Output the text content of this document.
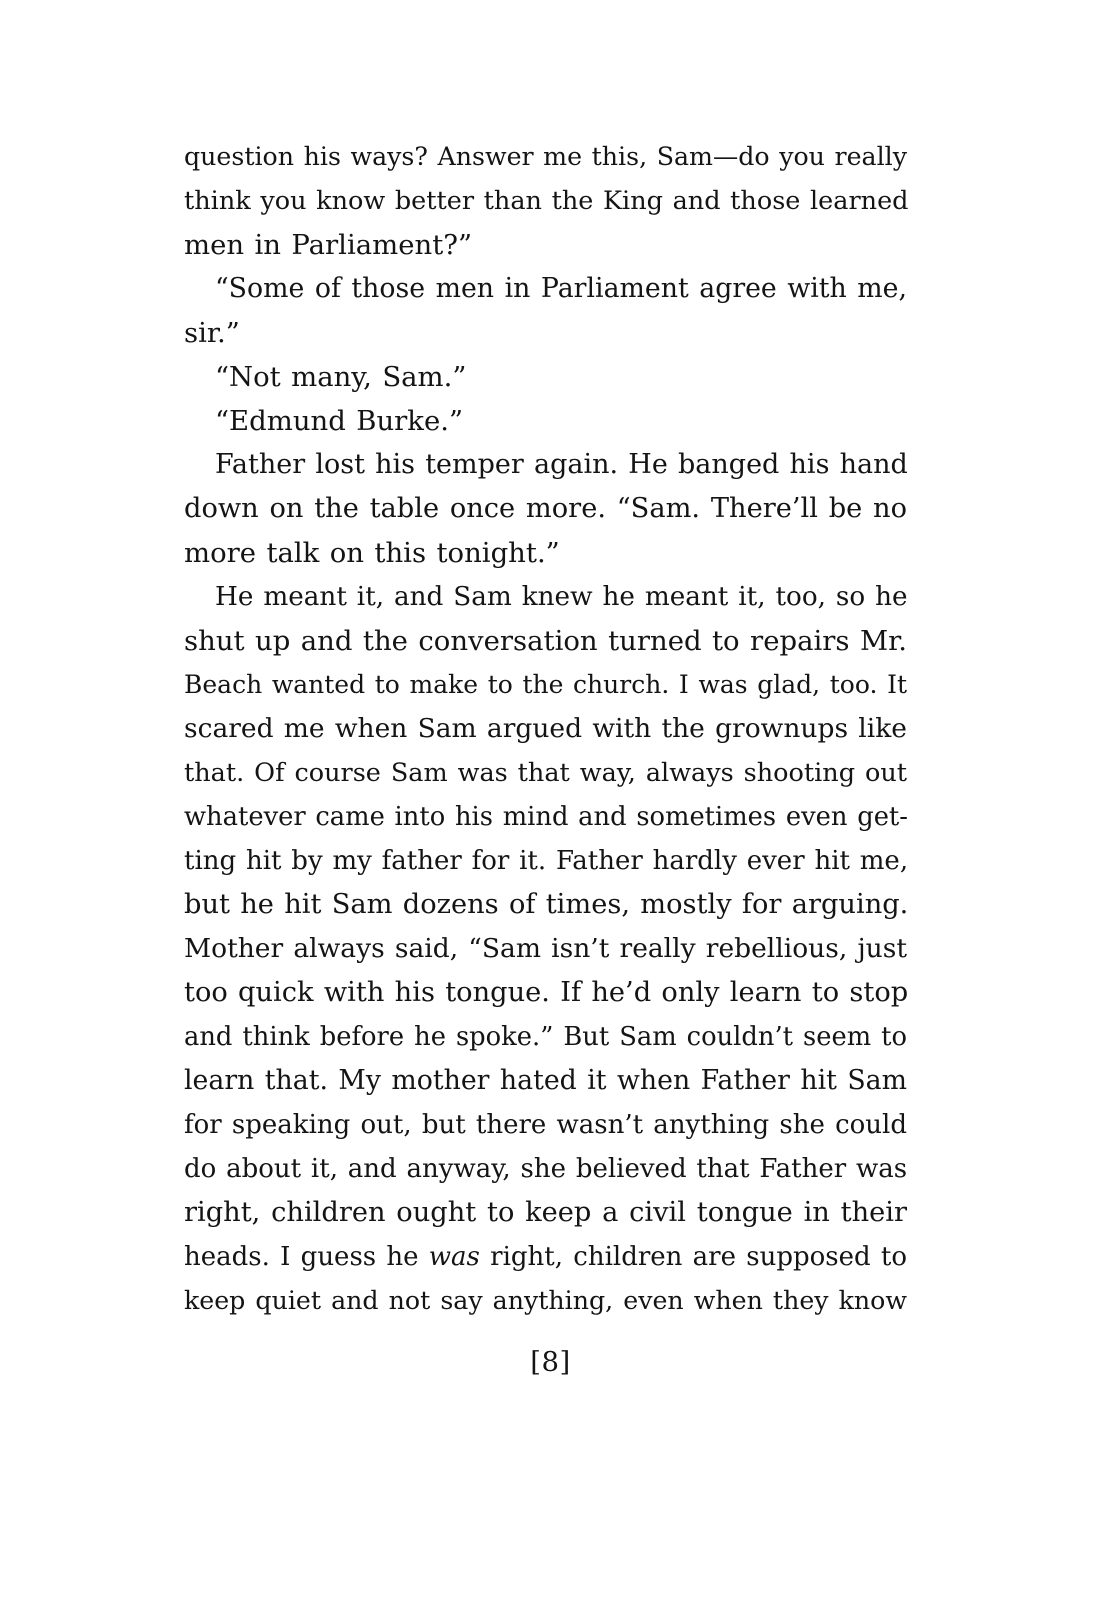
question his ways? Answer me this, Sam—do you really
think you know better than the King and those learned
men in Parliament?”
“Some of those men in Parliament agree with me,
sir.”
“Not many, Sam.”
“Edmund Burke.”
Father lost his temper again. He banged his hand
down on the table once more. “Sam. There’ll be no
more talk on this tonight.”
He meant it, and Sam knew he meant it, too, so he
shut up and the conversation turned to repairs Mr.
Beach wanted to make to the church. I was glad, too. It
scared me when Sam argued with the grownups like
that. Of course Sam was that way, always shooting out
whatever came into his mind and sometimes even get-
ting hit by my father for it. Father hardly ever hit me,
but he hit Sam dozens of times, mostly for arguing.
Mother always said, “Sam isn’t really rebellious, just
too quick with his tongue. If he’d only learn to stop
and think before he spoke.” But Sam couldn’t seem to
learn that. My mother hated it when Father hit Sam
for speaking out, but there wasn’t anything she could
do about it, and anyway, she believed that Father was
right, children ought to keep a civil tongue in their
heads. I guess he was right, children are supposed to
keep quiet and not say anything, even when they know
[8]
